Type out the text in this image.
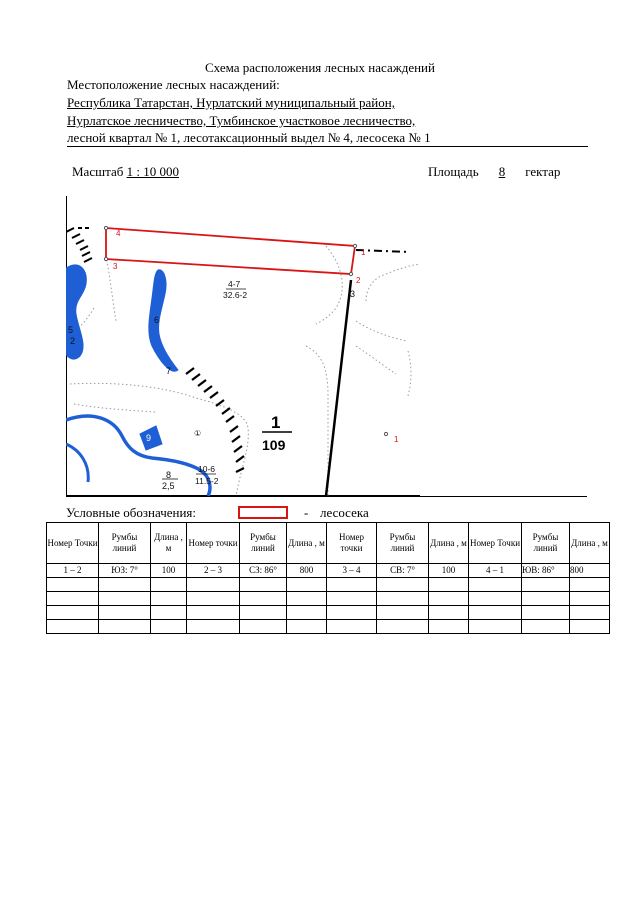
Схема расположения лесных насаждений
Местоположение лесных насаждений:
Республика Татарстан, Нурлатский муниципальный район,
Нурлатское лесничество, Тумбинское участковое лесничество,
лесной квартал № 1, лесотаксационный выдел № 4, лесосека № 1
Масштаб 1 : 10 000	Площадь 8 гектар
4
3
1
2
1
3
4-7
32.6-2
10-6
11.5-2
6
7
9
8
2,5
5
2
①
1
109
Условные обозначения:	- лесосека
Номер Точки	Румбы линий	Длина , м	Номер точки	Румбы линий	Длина , м	Номер точки	Румбы линий	Длина , м	Номер Точки	Румбы линий	Длина , м
1 – 2	ЮЗ: 7°	100	2 – 3	СЗ: 86°	800	3 – 4	СВ: 7°	100	4 – 1	ЮВ: 86°	800
